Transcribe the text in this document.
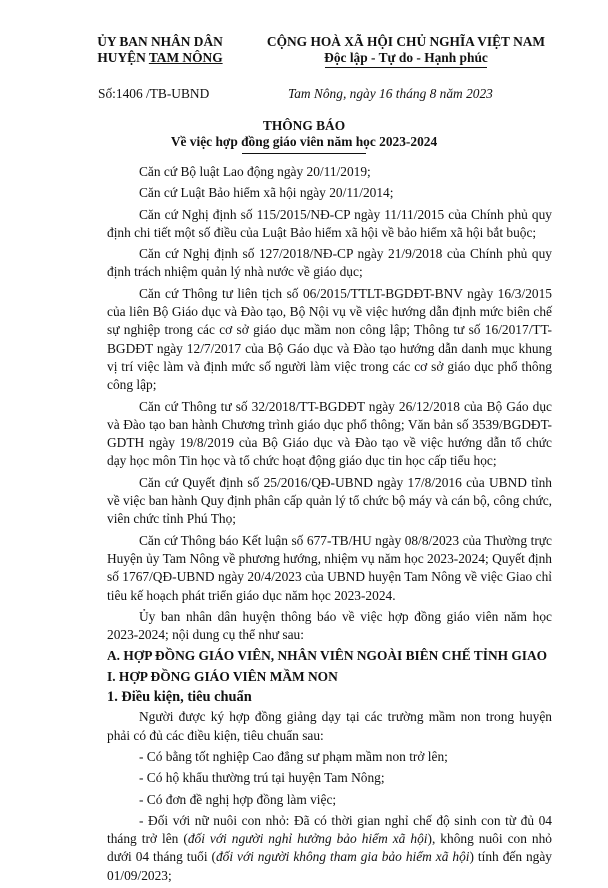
ỦY BAN NHÂN DÂN
HUYỆN TAM NÔNG
CỘNG HOÀ XÃ HỘI CHỦ NGHĨA VIỆT NAM
Độc lập - Tự do - Hạnh phúc
Số:1406 /TB-UBND	Tam Nông, ngày 16 tháng 8 năm 2023
THÔNG BÁO
Về việc hợp đồng giáo viên năm học 2023-2024

Căn cứ Bộ luật Lao động ngày 20/11/2019;

Căn cứ Luật Bảo hiểm xã hội ngày 20/11/2014;

Căn cứ Nghị định số 115/2015/NĐ-CP ngày 11/11/2015 của Chính phủ quy định chi tiết một số điều của Luật Bảo hiểm xã hội về bảo hiểm xã hội bắt buộc;

Căn cứ Nghị định số 127/2018/NĐ-CP ngày 21/9/2018 của Chính phủ quy định trách nhiệm quản lý nhà nước về giáo dục;

Căn cứ Thông tư liên tịch số 06/2015/TTLT-BGDĐT-BNV ngày 16/3/2015 của liên Bộ Giáo dục và Đào tạo, Bộ Nội vụ về việc hướng dẫn định mức biên chế sự nghiệp trong các cơ sở giáo dục mầm non công lập; Thông tư số 16/2017/TT-BGDĐT ngày 12/7/2017 của Bộ Gáo dục và Đào tạo hướng dẫn danh mục khung vị trí việc làm và định mức số người làm việc trong các cơ sở giáo dục phổ thông công lập;

Căn cứ Thông tư số 32/2018/TT-BGDĐT ngày 26/12/2018 của Bộ Gáo dục và Đào tạo ban hành Chương trình giáo dục phổ thông; Văn bản số 3539/BGDĐT-GDTH ngày 19/8/2019 của Bộ Giáo dục và Đào tạo về việc hướng dẫn tổ chức dạy học môn Tin học và tổ chức hoạt động giáo dục tin học cấp tiểu học;

Căn cứ Quyết định số 25/2016/QĐ-UBND ngày 17/8/2016 của UBND tỉnh về việc ban hành Quy định phân cấp quản lý tổ chức bộ máy và cán bộ, công chức, viên chức tỉnh Phú Thọ;

Căn cứ Thông báo Kết luận số 677-TB/HU ngày 08/8/2023 của Thường trực Huyện ủy Tam Nông về phương hướng, nhiệm vụ năm học 2023-2024; Quyết định số 1767/QĐ-UBND ngày 20/4/2023 của UBND huyện Tam Nông về việc Giao chỉ tiêu kế hoạch phát triển giáo dục năm học 2023-2024.

Ủy ban nhân dân huyện thông báo về việc hợp đồng giáo viên năm học 2023-2024; nội dung cụ thể như sau:

A. HỢP ĐỒNG GIÁO VIÊN, NHÂN VIÊN NGOÀI BIÊN CHẾ TỈNH GIAO

I. HỢP ĐỒNG GIÁO VIÊN MẦM NON

1. Điều kiện, tiêu chuẩn

Người được ký hợp đồng giảng dạy tại các trường mầm non trong huyện phải có đủ các điều kiện, tiêu chuẩn sau:

- Có bằng tốt nghiệp Cao đẳng sư phạm mầm non trở lên;

- Có hộ khẩu thường trú tại huyện Tam Nông;

- Có đơn đề nghị hợp đồng làm việc;

- Đối với nữ nuôi con nhỏ: Đã có thời gian nghỉ chế độ sinh con từ đủ 04 tháng trở lên (đối với người nghỉ hưởng bảo hiểm xã hội), không nuôi con nhỏ dưới 04 tháng tuổi (đối với người không tham gia bảo hiểm xã hội) tính đến ngày 01/09/2023;
